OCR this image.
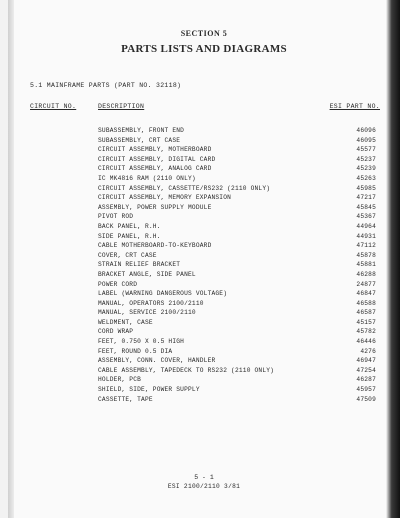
SECTION 5
PARTS LISTS AND DIAGRAMS
5.1 MAINFRAME PARTS (PART NO. 32118)
CIRCUIT NO.	DESCRIPTION	ESI PART NO.
SUBASSEMBLY, FRONT END	46096
SUBASSEMBLY, CRT CASE	46095
CIRCUIT ASSEMBLY, MOTHERBOARD	45577
CIRCUIT ASSEMBLY, DIGITAL CARD	45237
CIRCUIT ASSEMBLY, ANALOG CARD	45239
IC MK4816 RAM (2110 ONLY)	45263
CIRCUIT ASSEMBLY, CASSETTE/RS232 (2110 ONLY)	45985
CIRCUIT ASSEMBLY, MEMORY EXPANSION	47217
ASSEMBLY, POWER SUPPLY MODULE	45845
PIVOT ROD	45367
BACK PANEL, R.H.	44964
SIDE PANEL, R.H.	44931
CABLE MOTHERBOARD-TO-KEYBOARD	47112
COVER, CRT CASE	45878
STRAIN RELIEF BRACKET	45881
BRACKET ANGLE, SIDE PANEL	46288
POWER CORD	24877
LABEL (WARNING DANGEROUS VOLTAGE)	46847
MANUAL, OPERATORS 2100/2110	46588
MANUAL, SERVICE 2100/2110	46587
WELDMENT, CASE	45157
CORD WRAP	45782
FEET, 0.750 X 0.5 HIGH	46446
FEET, ROUND 0.5 DIA	4276
ASSEMBLY, CONN. COVER, HANDLER	46947
CABLE ASSEMBLY, TAPEDECK TO RS232 (2110 ONLY)	47254
HOLDER, PCB	46287
SHIELD, SIDE, POWER SUPPLY	45957
CASSETTE, TAPE	47509
5 - 1
ESI 2100/2110 3/81
